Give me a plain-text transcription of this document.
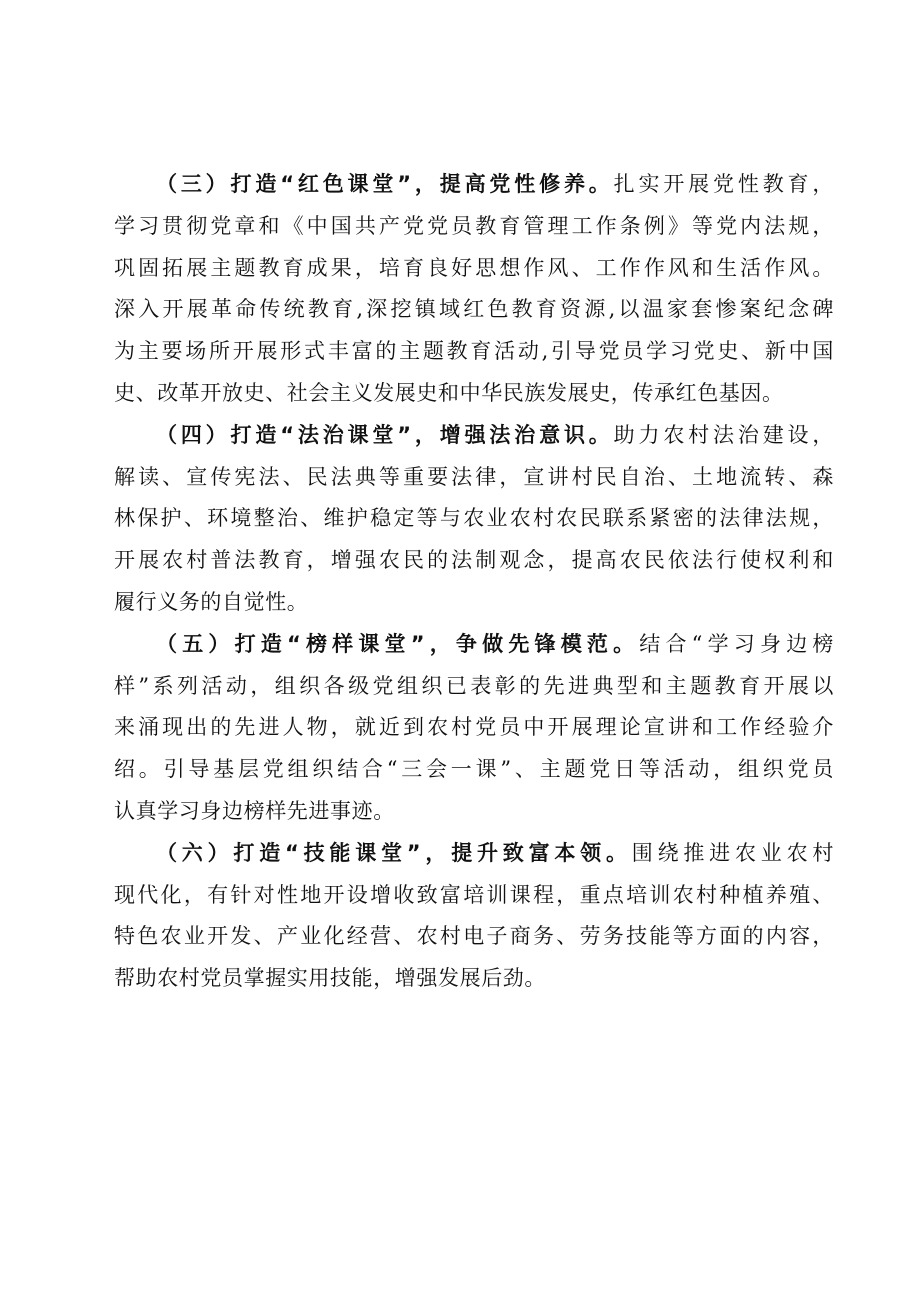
（三）打造“红色课堂”，提高党性修养。扎实开展党性教育，
学习贯彻党章和《中国共产党党员教育管理工作条例》等党内法规，
巩固拓展主题教育成果，培育良好思想作风、工作作风和生活作风。
深入开展革命传统教育,深挖镇域红色教育资源,以温家套惨案纪念碑
为主要场所开展形式丰富的主题教育活动,引导党员学习党史、新中国
史、改革开放史、社会主义发展史和中华民族发展史，传承红色基因。
（四）打造“法治课堂”，增强法治意识。助力农村法治建设，
解读、宣传宪法、民法典等重要法律，宣讲村民自治、土地流转、森
林保护、环境整治、维护稳定等与农业农村农民联系紧密的法律法规，
开展农村普法教育，增强农民的法制观念，提高农民依法行使权利和
履行义务的自觉性。
（五）打造“榜样课堂”，争做先锋模范。结合“学习身边榜
样”系列活动，组织各级党组织已表彰的先进典型和主题教育开展以
来涌现出的先进人物，就近到农村党员中开展理论宣讲和工作经验介
绍。引导基层党组织结合“三会一课”、主题党日等活动，组织党员
认真学习身边榜样先进事迹。
（六）打造“技能课堂”，提升致富本领。围绕推进农业农村
现代化，有针对性地开设增收致富培训课程，重点培训农村种植养殖、
特色农业开发、产业化经营、农村电子商务、劳务技能等方面的内容，
帮助农村党员掌握实用技能，增强发展后劲。
